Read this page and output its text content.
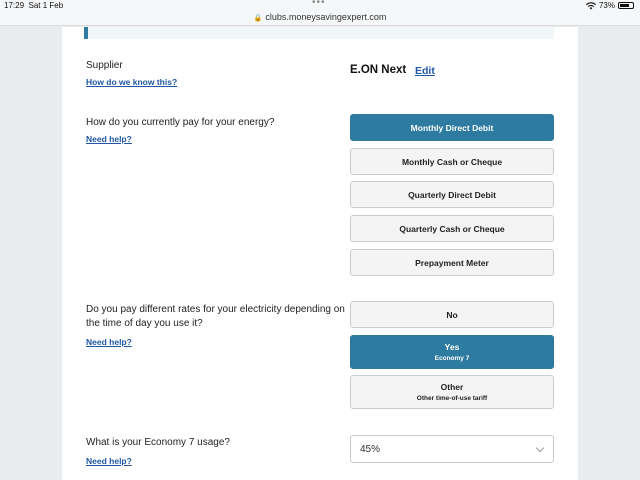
17:29 Sat 1 Feb	•••	73%
🔒 clubs.moneysavingexpert.com
Supplier
How do we know this?
E.ON Next Edit
How do you currently pay for your energy?
Need help?
Monthly Direct Debit
Monthly Cash or Cheque
Quarterly Direct Debit
Quarterly Cash or Cheque
Prepayment Meter
Do you pay different rates for your electricity depending on the time of day you use it?
Need help?
No
Yes
Economy 7
Other
Other time-of-use tariff
What is your Economy 7 usage?
Need help?
45%
